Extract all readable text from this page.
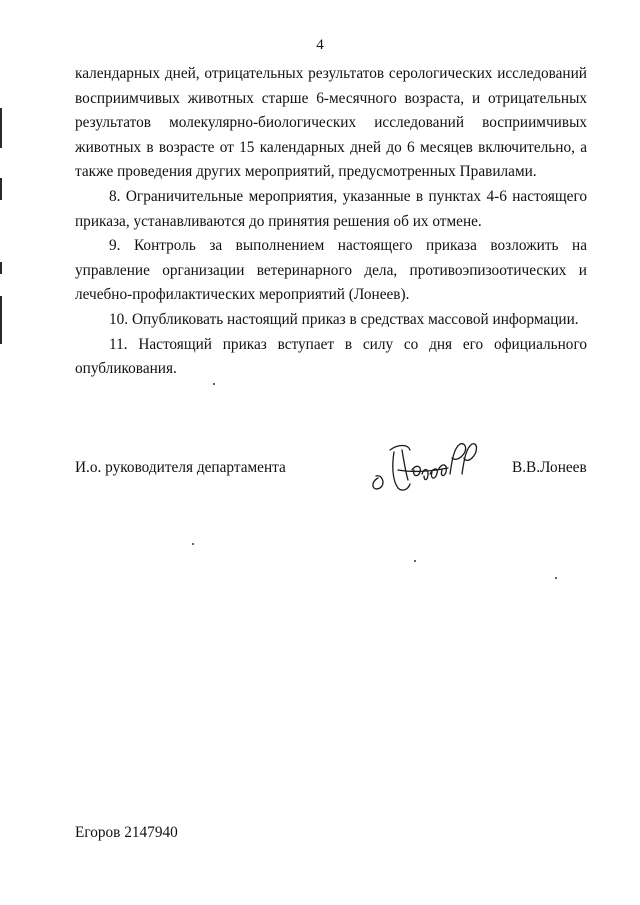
4

календарных дней, отрицательных результатов серологических исследований восприимчивых животных старше 6-месячного возраста, и отрицательных результатов молекулярно-биологических исследований восприимчивых животных в возрасте от 15 календарных дней до 6 месяцев включительно, а также проведения других мероприятий, предусмотренных Правилами.

8. Ограничительные мероприятия, указанные в пунктах 4-6 настоящего приказа, устанавливаются до принятия решения об их отмене.

9. Контроль за выполнением настоящего приказа возложить на управление организации ветеринарного дела, противоэпизоотических и лечебно-профилактических мероприятий (Лонеев).

10. Опубликовать настоящий приказ в средствах массовой информации.

11. Настоящий приказ вступает в силу со дня его официального опубликования.

И.о. руководителя департамента	В.В.Лонеев
Егоров 2147940
